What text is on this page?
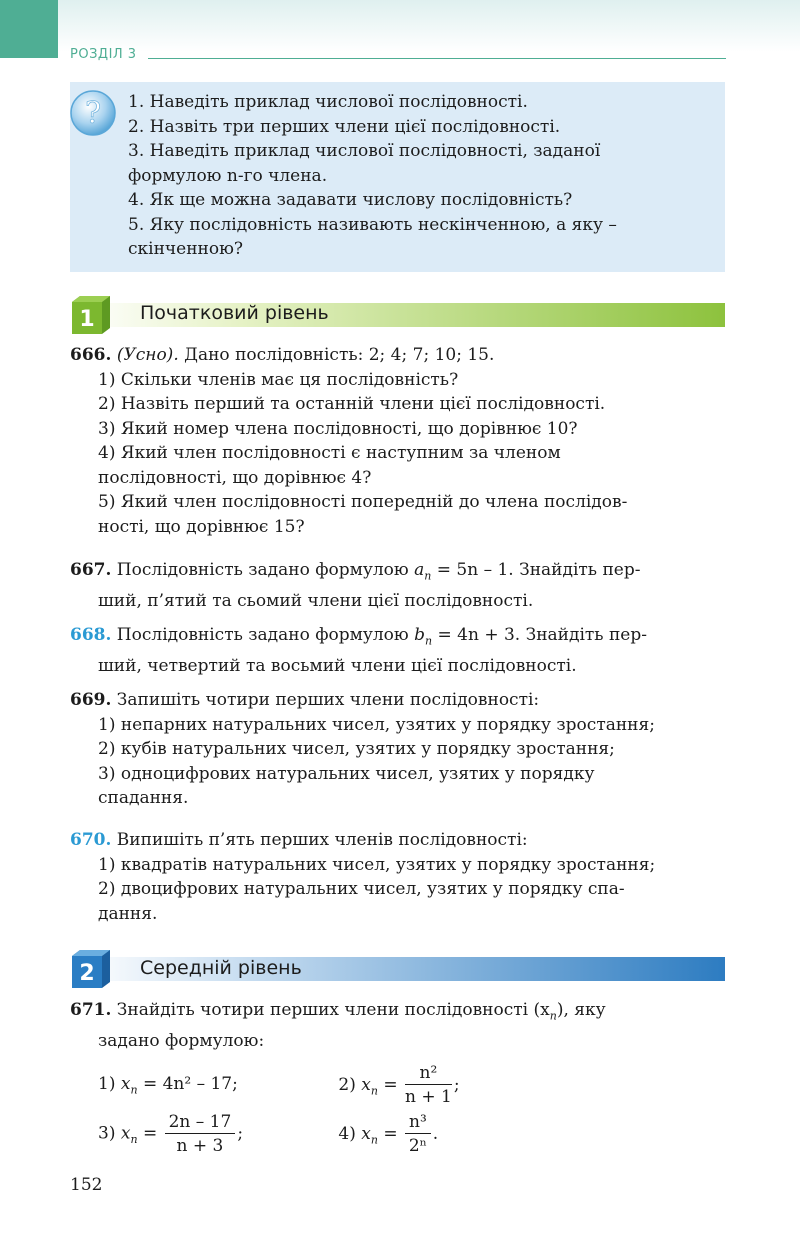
РОЗДІЛ 3
? 1. Наведіть приклад числової послідовності.
2. Назвіть три перших члени цієї послідовності.
3. Наведіть приклад числової послідовності, заданої
формулою n-го члена.
4. Як ще можна задавати числову послідовність?
5. Яку послідовність називають нескінченною, а яку –
скінченною?
1 Початковий рівень
666. (Усно). Дано послідовність: 2; 4; 7; 10; 15.
1) Скільки членів має ця послідовність?
2) Назвіть перший та останній члени цієї послідовності.
3) Який номер члена послідовності, що дорівнює 10?
4) Який член послідовності є наступним за членом
послідовності, що дорівнює 4?
5) Який член послідовності попередній до члена послідов-
ності, що дорівнює 15?
667. Послідовність задано формулою $a_n = 5n - 1$. Знайдіть пер-
ший, п’ятий та сьомий члени цієї послідовності.
668. Послідовність задано формулою $b_n = 4n + 3$. Знайдіть пер-
ший, четвертий та восьмий члени цієї послідовності.
669. Запишіть чотири перших члени послідовності:
1) непарних натуральних чисел, узятих у порядку зростання;
2) кубів натуральних чисел, узятих у порядку зростання;
3) одноцифрових натуральних чисел, узятих у порядку
спадання.
670. Випишіть п’ять перших членів послідовності:
1) квадратів натуральних чисел, узятих у порядку зростання;
2) двоцифрових натуральних чисел, узятих у порядку спа-
дання.
2 Середній рівень
671. Знайдіть чотири перших члени послідовності $(x_n)$, яку
задано формулою:
1) $x_n = 4n^2 - 17$;	2) $x_n = \frac{\text{n²}}{n + 1}$ ;
3) $x_n = \frac{2n - 17}{n + 3}$ ;	4) $x_n = \frac{\text{n³}}{\text{2ⁿ}}$ .
152
